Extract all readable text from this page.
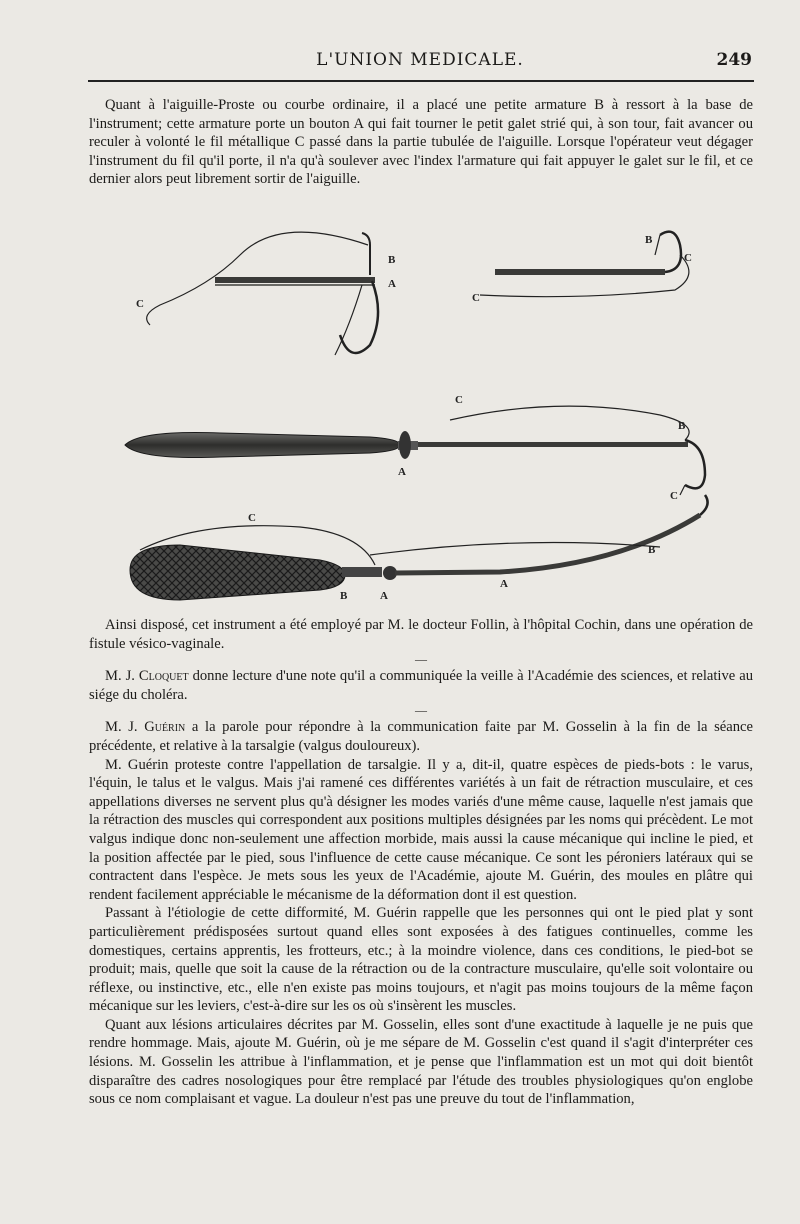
L'UNION MEDICALE.	249

Quant à l'aiguille-Proste ou courbe ordinaire, il a placé une petite armature B à ressort à la base de l'instrument; cette armature porte un bouton A qui fait tourner le petit galet strié qui, à son tour, fait avancer ou reculer à volonté le fil métallique C passé dans la partie tubulée de l'aiguille. Lorsque l'opérateur veut dégager l'instrument du fil qu'il porte, il n'a qu'à soulever avec l'index l'armature qui fait appuyer le galet sur le fil, et ce dernier alors peut librement sortir de l'aiguille.

C
B
A
B
C
C
A
C
B
C
C
A
B
B
A

Ainsi disposé, cet instrument a été employé par M. le docteur Follin, à l'hôpital Cochin, dans une opération de fistule vésico-vaginale.

—

M. J. Cloquet donne lecture d'une note qu'il a communiquée la veille à l'Académie des sciences, et relative au siége du choléra.

—

M. J. Guérin a la parole pour répondre à la communication faite par M. Gosselin à la fin de la séance précédente, et relative à la tarsalgie (valgus douloureux).

M. Guérin proteste contre l'appellation de tarsalgie. Il y a, dit-il, quatre espèces de pieds-bots : le varus, l'équin, le talus et le valgus. Mais j'ai ramené ces différentes variétés à un fait de rétraction musculaire, et ces appellations diverses ne servent plus qu'à désigner les modes variés d'une même cause, laquelle n'est jamais que la rétraction des muscles qui correspondent aux positions multiples désignées par les noms qui précèdent. Le mot valgus indique donc non-seulement une affection morbide, mais aussi la cause mécanique qui incline le pied, et la position affectée par le pied, sous l'influence de cette cause mécanique. Ce sont les péroniers latéraux qui se contractent dans l'espèce. Je mets sous les yeux de l'Académie, ajoute M. Guérin, des moules en plâtre qui rendent facilement appréciable le mécanisme de la déformation dont il est question.

Passant à l'étiologie de cette difformité, M. Guérin rappelle que les personnes qui ont le pied plat y sont particulièrement prédisposées surtout quand elles sont exposées à des fatigues continuelles, comme les domestiques, certains apprentis, les frotteurs, etc.; à la moindre violence, dans ces conditions, le pied-bot se produit; mais, quelle que soit la cause de la rétraction ou de la contracture musculaire, qu'elle soit volontaire ou réflexe, ou instinctive, etc., elle n'en existe pas moins toujours, et n'agit pas moins toujours de la même façon mécanique sur les leviers, c'est-à-dire sur les os où s'insèrent les muscles.

Quant aux lésions articulaires décrites par M. Gosselin, elles sont d'une exactitude à laquelle je ne puis que rendre hommage. Mais, ajoute M. Guérin, où je me sépare de M. Gosselin c'est quand il s'agit d'interpréter ces lésions. M. Gosselin les attribue à l'inflammation, et je pense que l'inflammation est un mot qui doit bientôt disparaître des cadres nosologiques pour être remplacé par l'étude des troubles physiologiques qu'on englobe sous ce nom complaisant et vague. La douleur n'est pas une preuve du tout de l'inflammation,
